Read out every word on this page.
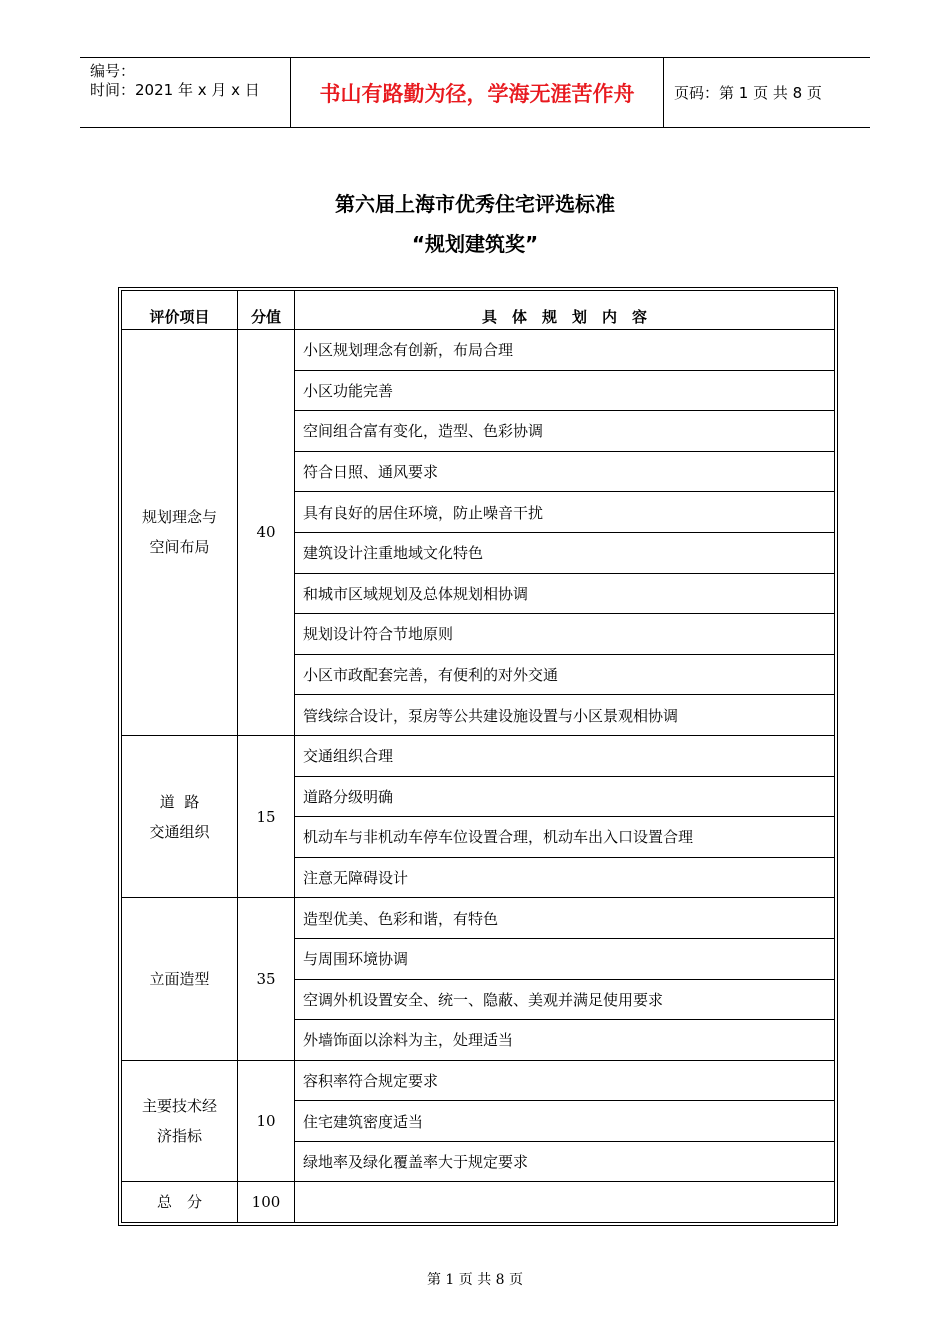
编号：
时间：2021 年 x 月 x 日	书山有路勤为径，学海无涯苦作舟	页码：第 1 页 共 8 页
第六届上海市优秀住宅评选标准
“规划建筑奖”
评价项目	分值	具　体　规　划　内　容

规划理念与
空间布局	40	小区规划理念有创新，布局合理
		小区功能完善
		空间组合富有变化，造型、色彩协调
		符合日照、通风要求
		具有良好的居住环境，防止噪音干扰
		建筑设计注重地域文化特色
		和城市区域规划及总体规划相协调
		规划设计符合节地原则
		小区市政配套完善，有便利的对外交通
		管线综合设计，泵房等公共建设施设置与小区景观相协调

道  路
交通组织	15	交通组织合理
		道路分级明确
		机动车与非机动车停车位设置合理，机动车出入口设置合理
		注意无障碍设计

立面造型	35	造型优美、色彩和谐，有特色
		与周围环境协调
		空调外机设置安全、统一、隐蔽、美观并满足使用要求
		外墙饰面以涂料为主，处理适当

主要技术经
济指标	10	容积率符合规定要求
		住宅建筑密度适当
		绿地率及绿化覆盖率大于规定要求
总　分	100	
第 1 页 共 8 页
